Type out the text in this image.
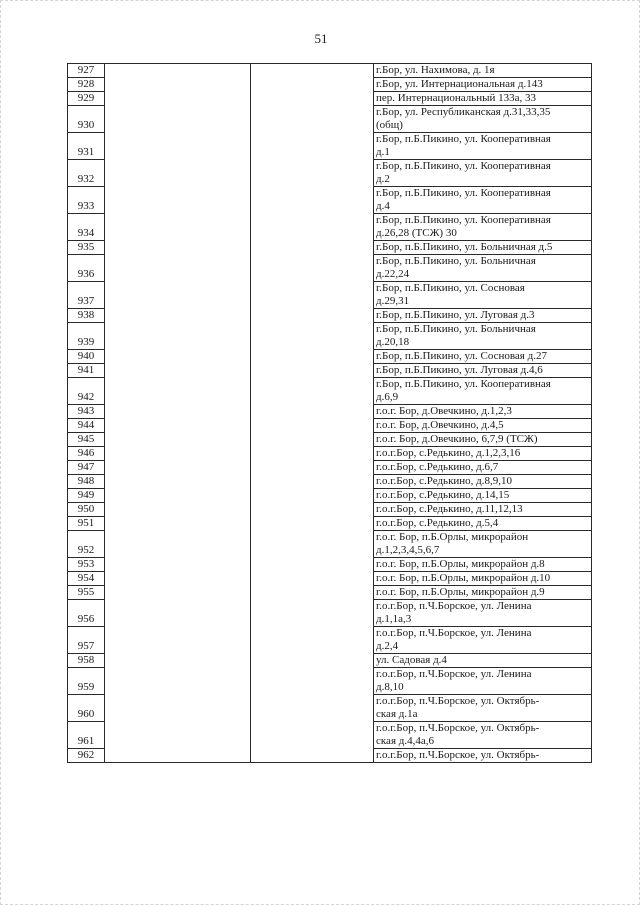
51
927			г.Бор, ул. Нахимова, д. 1я
928			г.Бор, ул. Интернациональная д.143
929			пер. Интернациональный 133а, 33
930			г.Бор, ул. Республиканская д.31,33,35
(общ)
931			г.Бор, п.Б.Пикино, ул. Кооперативная
д.1
932			г.Бор, п.Б.Пикино, ул. Кооперативная
д.2
933			г.Бор, п.Б.Пикино, ул. Кооперативная
д.4
934			г.Бор, п.Б.Пикино, ул. Кооперативная
д.26,28 (ТСЖ) 30
935			г.Бор, п.Б.Пикино, ул. Больничная д.5
936			г.Бор, п.Б.Пикино, ул. Больничная
д.22,24
937			г.Бор, п.Б.Пикино, ул. Сосновая
д.29,31
938			г.Бор, п.Б.Пикино, ул. Луговая д.3
939			г.Бор, п.Б.Пикино, ул. Больничная
д.20,18
940			г.Бор, п.Б.Пикино, ул. Сосновая д.27
941			г.Бор, п.Б.Пикино, ул. Луговая д.4,6
942			г.Бор, п.Б.Пикино, ул. Кооперативная
д.6,9
943			г.о.г. Бор, д.Овечкино, д.1,2,3
944			г.о.г. Бор, д.Овечкино, д.4,5
945			г.о.г. Бор, д.Овечкино, 6,7,9 (ТСЖ)
946			г.о.г.Бор, с.Редькино, д.1,2,3,16
947			г.о.г.Бор, с.Редькино, д.6,7
948			г.о.г.Бор, с.Редькино, д.8,9,10
949			г.о.г.Бор, с.Редькино, д.14,15
950			г.о.г.Бор, с.Редькино, д.11,12,13
951			г.о.г.Бор, с.Редькино, д.5,4
952			г.о.г. Бор, п.Б.Орлы, микрорайон
д.1,2,3,4,5,6,7
953			г.о.г. Бор, п.Б.Орлы, микрорайон д.8
954			г.о.г. Бор, п.Б.Орлы, микрорайон д.10
955			г.о.г. Бор, п.Б.Орлы, микрорайон д.9
956			г.о.г.Бор, п.Ч.Борское, ул. Ленина
д.1,1а,3
957			г.о.г.Бор, п.Ч.Борское, ул. Ленина
д.2,4
958			ул. Садовая д.4
959			г.о.г.Бор, п.Ч.Борское, ул. Ленина
д.8,10
960			г.о.г.Бор, п.Ч.Борское, ул. Октябрь-
ская д.1а
961			г.о.г.Бор, п.Ч.Борское, ул. Октябрь-
ская д.4,4а,6
962			г.о.г.Бор, п.Ч.Борское, ул. Октябрь-
